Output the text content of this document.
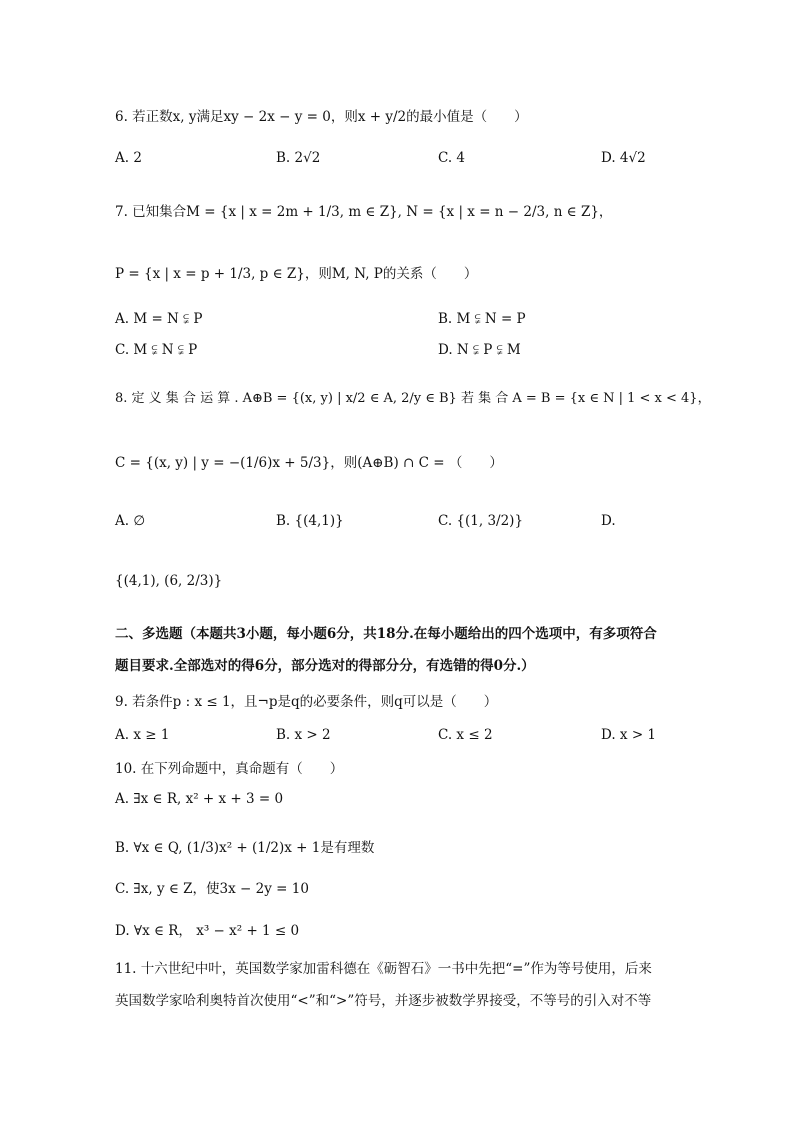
6. 若正数x, y满足xy − 2x − y = 0，则x + y/2的最小值是（　　）
A. 2	B. 2√2	C. 4	D. 4√2
7. 已知集合M = {x | x = 2m + 1/3, m ∈ Z}, N = {x | x = n − 2/3, n ∈ Z}，
P = {x | x = p + 1/3, p ∈ Z}，则M, N, P的关系（　　）
A. M = N ⫋ P	B. M ⫋ N = P
C. M ⫋ N ⫋ P	D. N ⫋ P ⫋ M
8. 定 义 集 合 运 算 . A⊕B = {(x, y) | x/2 ∈ A, 2/y ∈ B} 若 集 合 A = B = {x ∈ N | 1 < x < 4}，
C = {(x, y) | y = −(1/6)x + 5/3}，则(A⊕B) ∩ C = （　　）
A. ∅	B. {(4,1)}	C. {(1, 3/2)}	D.
{(4,1), (6, 2/3)}
二、多选题（本题共3小题，每小题6分，共18分.在每小题给出的四个选项中，有多项符合
题目要求.全部选对的得6分，部分选对的得部分分，有选错的得0分.）
9. 若条件p : x ≤ 1，且¬p是q的必要条件，则q可以是（　　）
A. x ≥ 1	B. x > 2	C. x ≤ 2	D. x > 1
10. 在下列命题中，真命题有（　　）
A. ∃x ∈ R, x² + x + 3 = 0
B. ∀x ∈ Q, (1/3)x² + (1/2)x + 1是有理数
C. ∃x, y ∈ Z，使3x − 2y = 10
D. ∀x ∈ R， x³ − x² + 1 ≤ 0
11. 十六世纪中叶，英国数学家加雷科德在《砺智石》一书中先把“=”作为等号使用，后来
英国数学家哈利奥特首次使用“<”和“>”符号，并逐步被数学界接受，不等号的引入对不等
